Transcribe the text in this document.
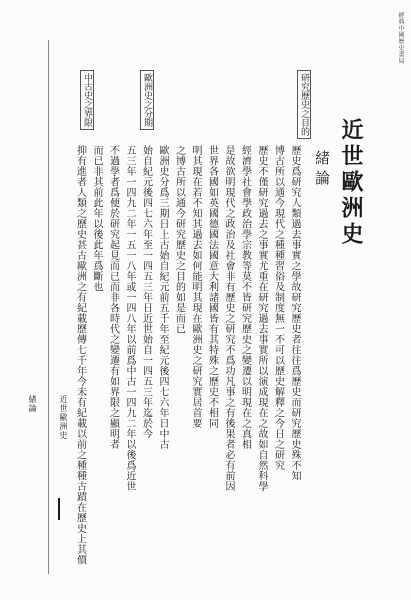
經典中國歷史書局
近世歐洲史
緒論
歷史爲研究人類過去事實之學故研究歷史者往往爲歷史而研究歷史殊不知
博古所以通今現代之種種習俗及制度無一不可以歷史解釋之今日之研究
歷史不僅研究過去之事實尤重在研究過去事實所以演成現在之故如自然科學
經濟學社會學政治學宗教等莫不皆研究歷史之變遷以明現在之真相
是故欲明現代之政治及社會非有歷史之研究不爲功凡事之有後果者必有前因
世界各國如英國德國法國意大利諸國皆有其特殊之歷史不相同
明其現在若不知其過去如何能明其現在歐洲史之研究實居首要
之博古所以通今研究歷史之目的如是而已
歐洲史分爲三期日上古始自紀元前五千年至紀元後四七六年日中古
始自紀元後四七六年至一四五三年日近世始自一四五三年迄於今
五三年一四九二年一五一八年或一四八年以前爲中古一四九二年以後爲近世
不過學者爲便於研究起見而已而非各時代之變遷有如界限之顯明者
而已非其前此年以後此年爲斷也
抑有進者人類之歷史甚古歐洲之有紀載歷傳七千年今未有紀載以前之種種古蹟在歷史上其價
研究歷史之目的
歐洲史之分期
中古史之界限
近世歐洲史
緒論
